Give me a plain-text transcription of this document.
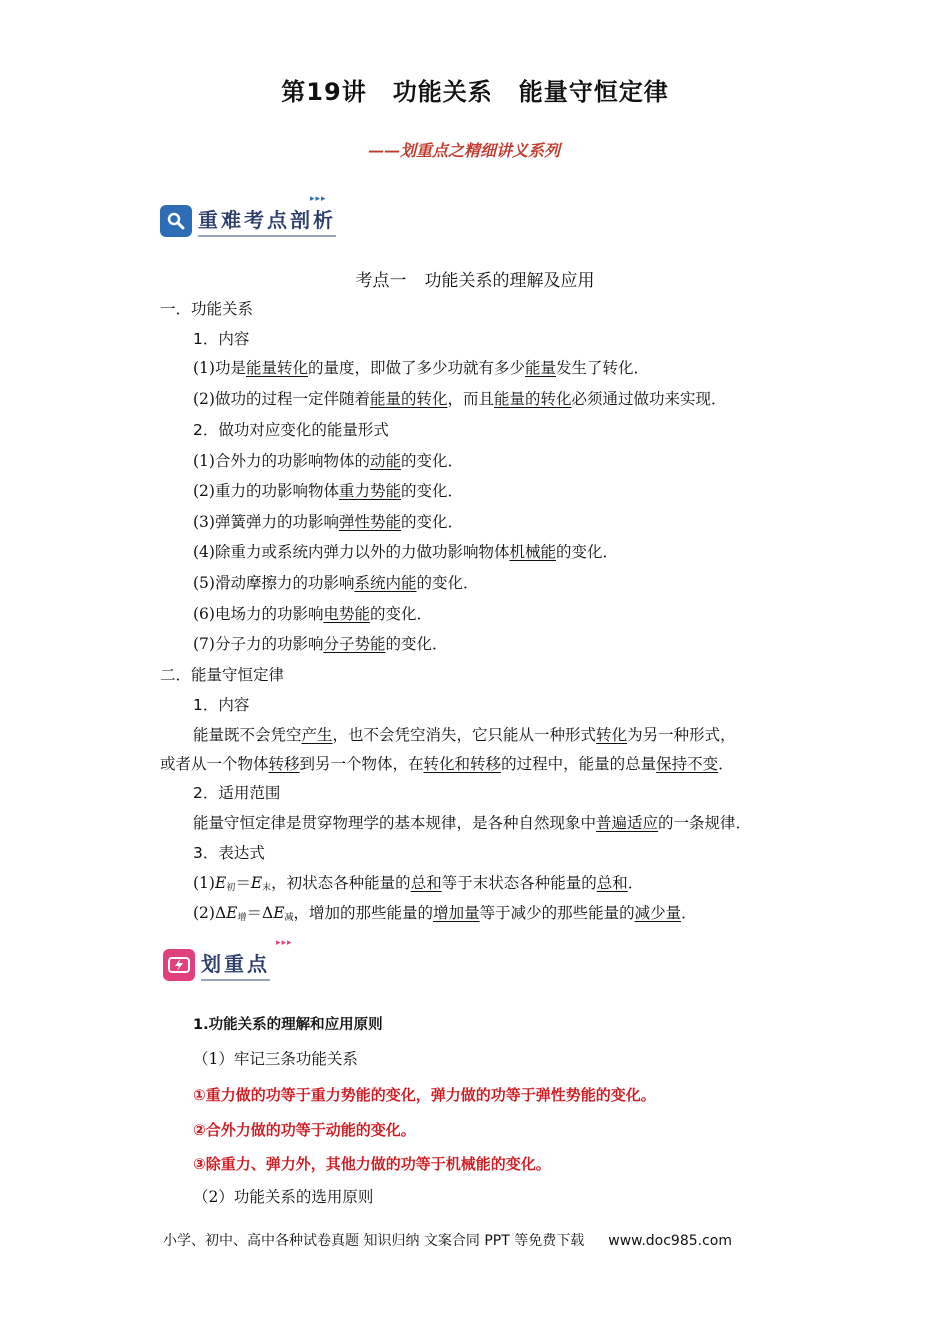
第19讲 功能关系 能量守恒定律
——划重点之精细讲义系列
重难考点剖析
▸▸▸
考点一 功能关系的理解及应用
一．功能关系
1．内容
(1)功是能量转化的量度，即做了多少功就有多少能量发生了转化．
(2)做功的过程一定伴随着能量的转化，而且能量的转化必须通过做功来实现．
2．做功对应变化的能量形式
(1)合外力的功影响物体的动能的变化．
(2)重力的功影响物体重力势能的变化．
(3)弹簧弹力的功影响弹性势能的变化．
(4)除重力或系统内弹力以外的力做功影响物体机械能的变化．
(5)滑动摩擦力的功影响系统内能的变化．
(6)电场力的功影响电势能的变化．
(7)分子力的功影响分子势能的变化．
二．能量守恒定律
1．内容
能量既不会凭空产生，也不会凭空消失，它只能从一种形式转化为另一种形式，
或者从一个物体转移到另一个物体，在转化和转移的过程中，能量的总量保持不变．
2．适用范围
能量守恒定律是贯穿物理学的基本规律，是各种自然现象中普遍适应的一条规律．
3．表达式
$(1)E_初=E_末$，初状态各种能量的总和等于末状态各种能量的总和．
$(2)\Delta E_增=\Delta E_减$，增加的那些能量的增加量等于减少的那些能量的减少量．
划重点
▸▸▸
1.功能关系的理解和应用原则
（1）牢记三条功能关系
①重力做的功等于重力势能的变化，弹力做的功等于弹性势能的变化。
②合外力做的功等于动能的变化。
③除重力、弹力外，其他力做的功等于机械能的变化。
（2）功能关系的选用原则
小学、初中、高中各种试卷真题 知识归纳 文案合同 PPT 等免费下载 www.doc985.com
